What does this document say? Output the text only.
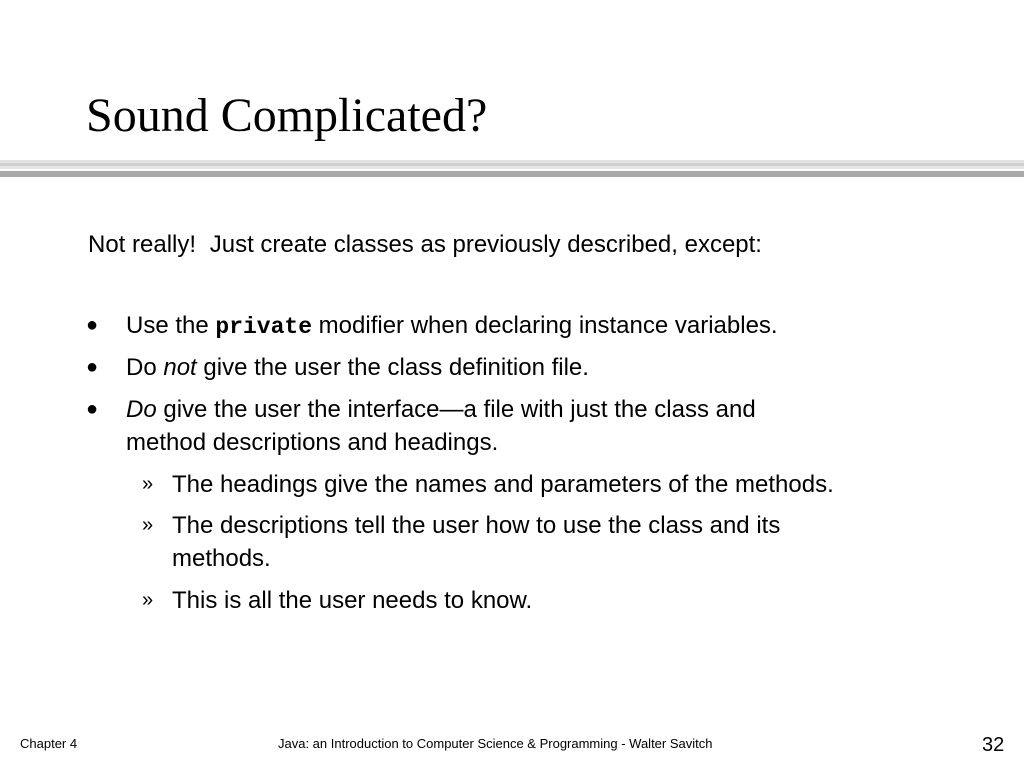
Sound Complicated?

Not really! Just create classes as previously described, except:

● Use the private modifier when declaring instance variables.
● Do not give the user the class definition file.
● Do give the user the interface—a file with just the class and
method descriptions and headings.
» The headings give the names and parameters of the methods.
» The descriptions tell the user how to use the class and its
methods.
» This is all the user needs to know.
Chapter 4	Java: an Introduction to Computer Science & Programming - Walter Savitch	32
